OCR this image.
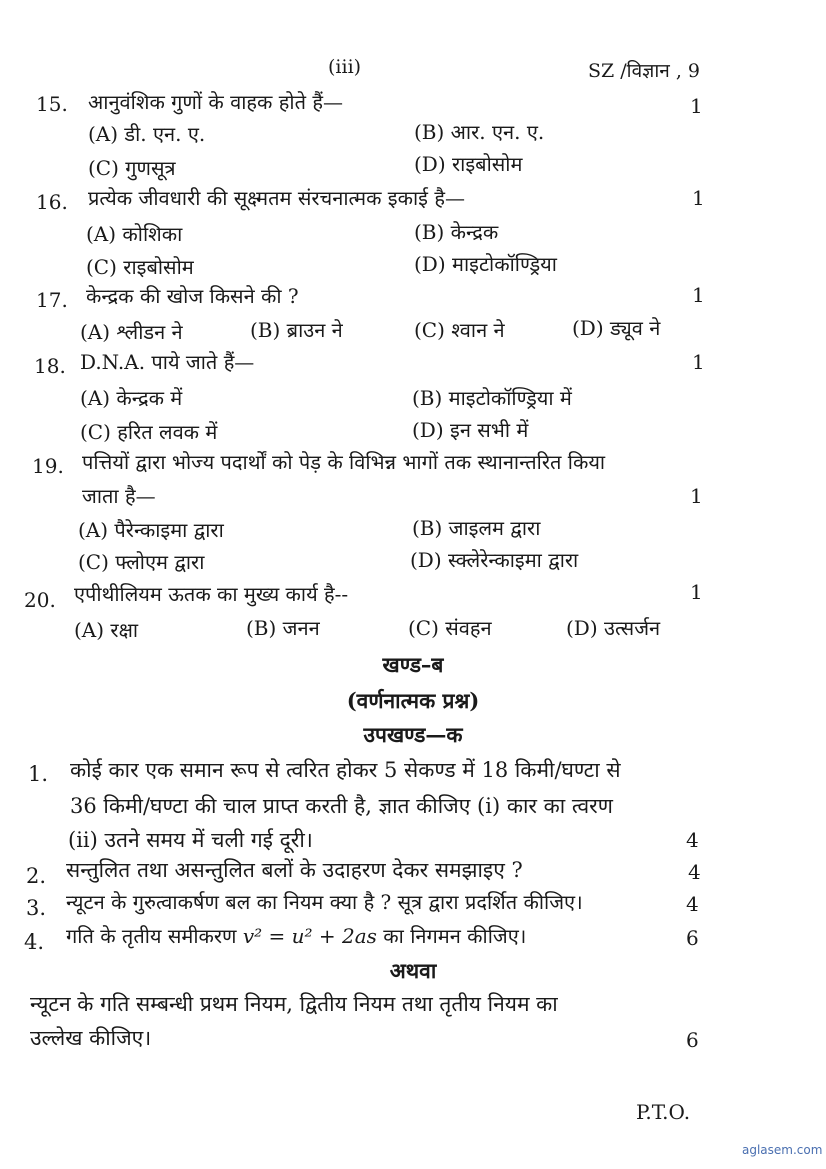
(iii)	SZ /विज्ञान , 9
15. आनुवंशिक गुणों के वाहक होते हैं—	1
(A) डी. एन. ए.	(B) आर. एन. ए.
(C) गुणसूत्र	(D) राइबोसोम
16. प्रत्येक जीवधारी की सूक्ष्मतम संरचनात्मक इकाई है—	1
(A) कोशिका	(B) केन्द्रक
(C) राइबोसोम	(D) माइटोकॉण्ड्रिया
17. केन्द्रक की खोज किसने की ?	1
(A) श्लीडन ने	(B) ब्राउन ने	(C) श्वान ने	(D) ड्यूव ने
18. D.N.A. पाये जाते हैं—	1
(A) केन्द्रक में	(B) माइटोकॉण्ड्रिया में
(C) हरित लवक में	(D) इन सभी में
19. पत्तियों द्वारा भोज्य पदार्थों को पेड़ के विभिन्न भागों तक स्थानान्तरित किया
जाता है—	1
(A) पैरेन्काइमा द्वारा	(B) जाइलम द्वारा
(C) फ्लोएम द्वारा	(D) स्क्लेरेन्काइमा द्वारा
20. एपीथीलियम ऊतक का मुख्य कार्य है--	1
(A) रक्षा	(B) जनन	(C) संवहन	(D) उत्सर्जन
खण्ड–ब
(वर्णनात्मक प्रश्न)
उपखण्ड—क
1. कोई कार एक समान रूप से त्वरित होकर 5 सेकण्ड में 18 किमी/घण्टा से
36 किमी/घण्टा की चाल प्राप्त करती है, ज्ञात कीजिए (i) कार का त्वरण
(ii) उतने समय में चली गई दूरी।	4
2. सन्तुलित तथा असन्तुलित बलों के उदाहरण देकर समझाइए ?	4
3. न्यूटन के गुरुत्वाकर्षण बल का नियम क्या है ? सूत्र द्वारा प्रदर्शित कीजिए।	4
4. गति के तृतीय समीकरण v² = u² + 2as का निगमन कीजिए।	6
अथवा
न्यूटन के गति सम्बन्धी प्रथम नियम, द्वितीय नियम तथा तृतीय नियम का
उल्लेख कीजिए।	6
P.T.O.
aglasem.com
